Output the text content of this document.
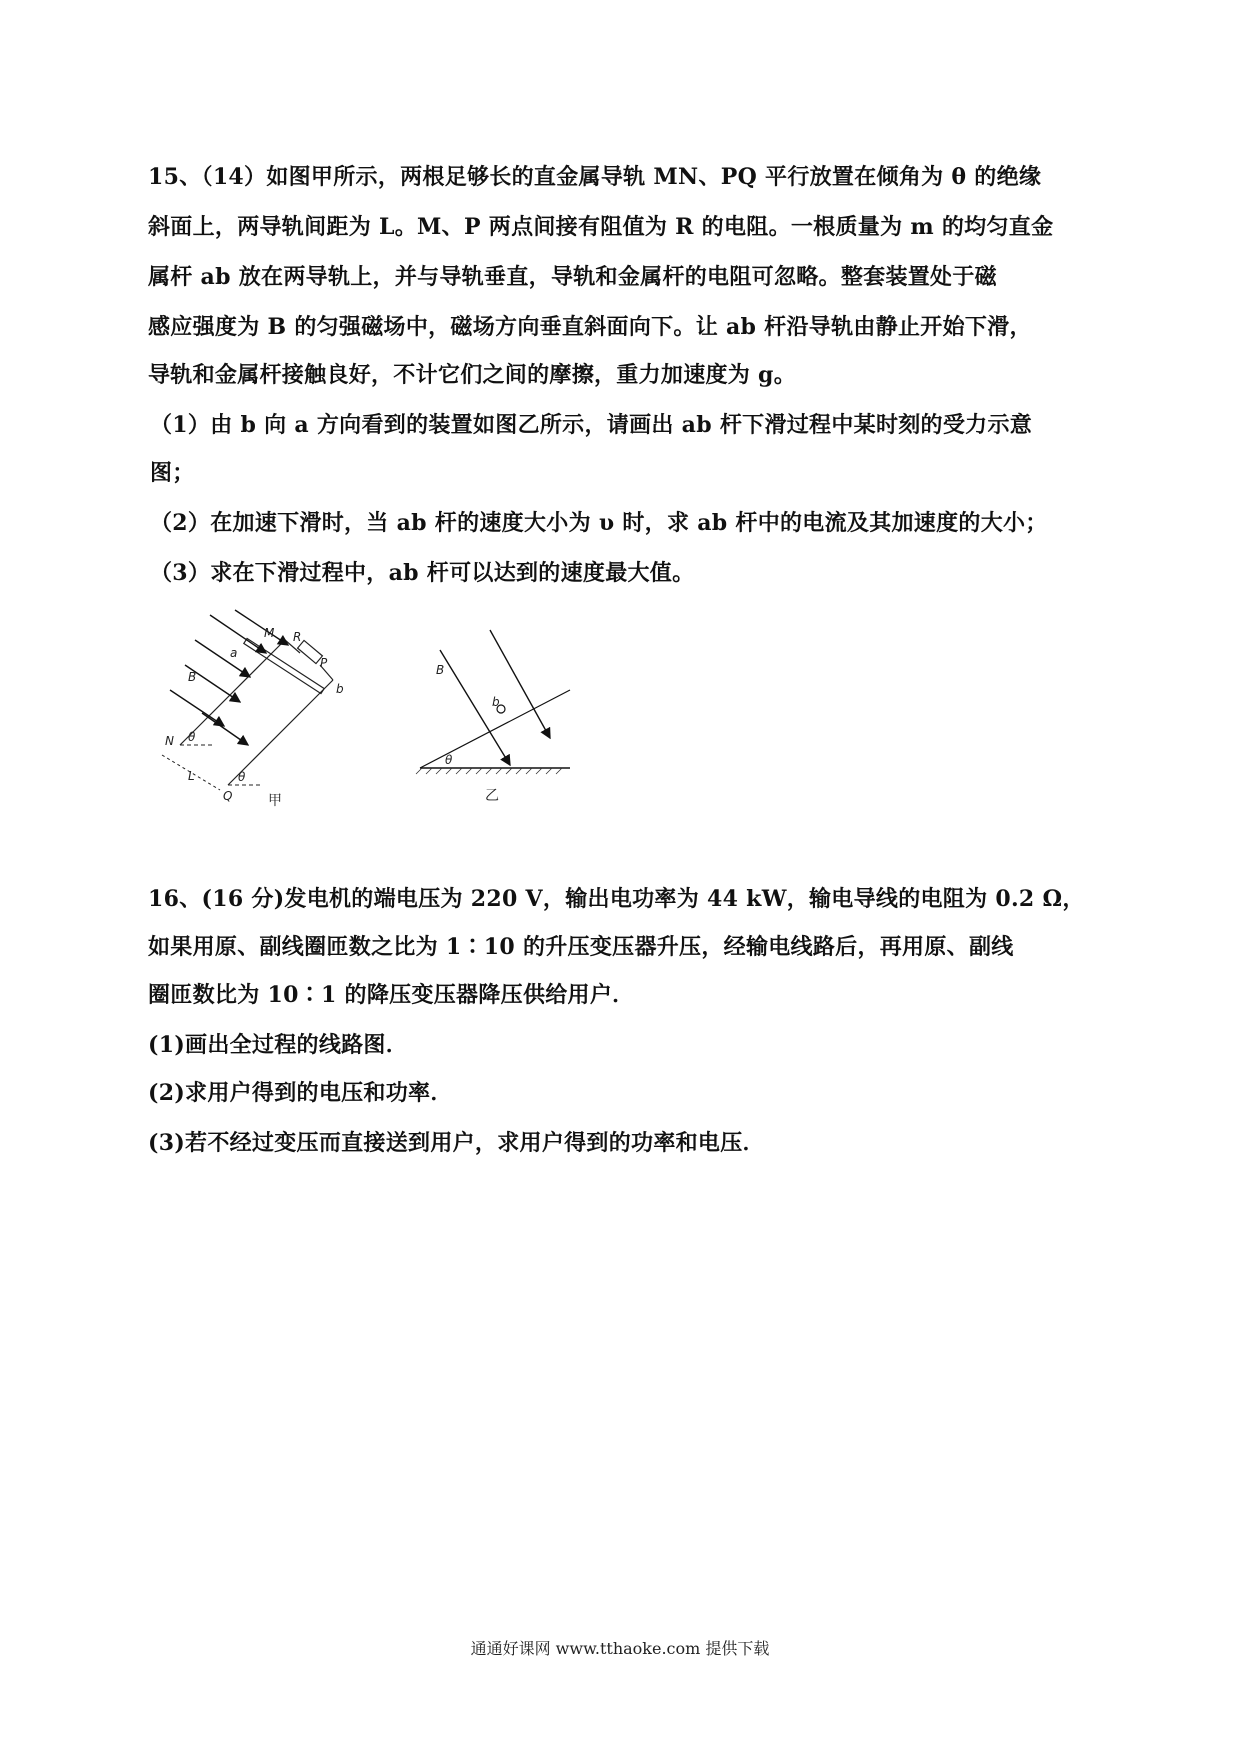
15、（14）如图甲所示，两根足够长的直金属导轨 MN、PQ 平行放置在倾角为 θ 的绝缘
斜面上，两导轨间距为 L。M、P 两点间接有阻值为 R 的电阻。一根质量为 m 的均匀直金
属杆 ab 放在两导轨上，并与导轨垂直，导轨和金属杆的电阻可忽略。整套装置处于磁
感应强度为 B 的匀强磁场中，磁场方向垂直斜面向下。让 ab 杆沿导轨由静止开始下滑，
导轨和金属杆接触良好，不计它们之间的摩擦，重力加速度为 g。
（1）由 b 向 a 方向看到的装置如图乙所示，请画出 ab 杆下滑过程中某时刻的受力示意
图；
（2）在加速下滑时，当 ab 杆的速度大小为 υ 时，求 ab 杆中的电流及其加速度的大小；
（3）求在下滑过程中，ab 杆可以达到的速度最大值。
M R
P
a
b
B
N θ
θ
Q
L
甲
B
b
θ
乙
16、(16 分)发电机的端电压为 220 V，输出电功率为 44 kW，输电导线的电阻为 0.2 Ω，
如果用原、副线圈匝数之比为 1∶10 的升压变压器升压，经输电线路后，再用原、副线
圈匝数比为 10∶1 的降压变压器降压供给用户．
(1)画出全过程的线路图．
(2)求用户得到的电压和功率．
(3)若不经过变压而直接送到用户，求用户得到的功率和电压．
通通好课网 www.tthaoke.com 提供下载
